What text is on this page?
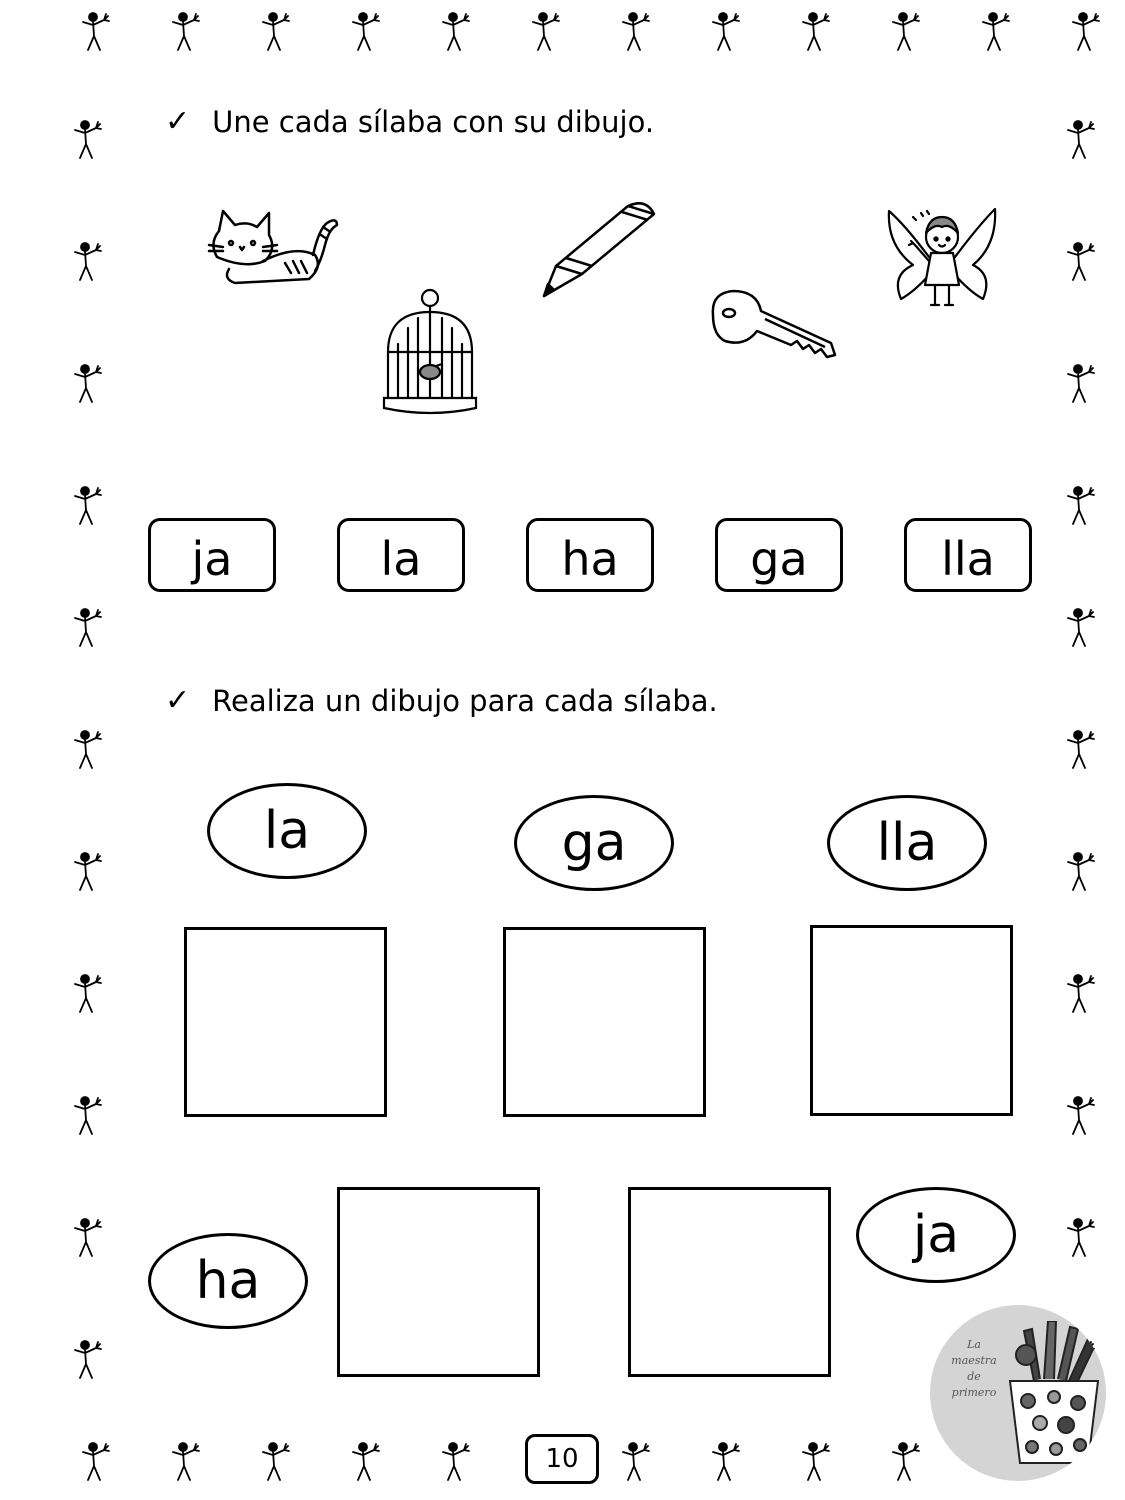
✓ Une cada sílaba con su dibujo.
ja	la	ha	ga	lla
✓ Realiza un dibujo para cada sílaba.
la	ga	lla
ha
ja
10
La
maestra
de
primero
